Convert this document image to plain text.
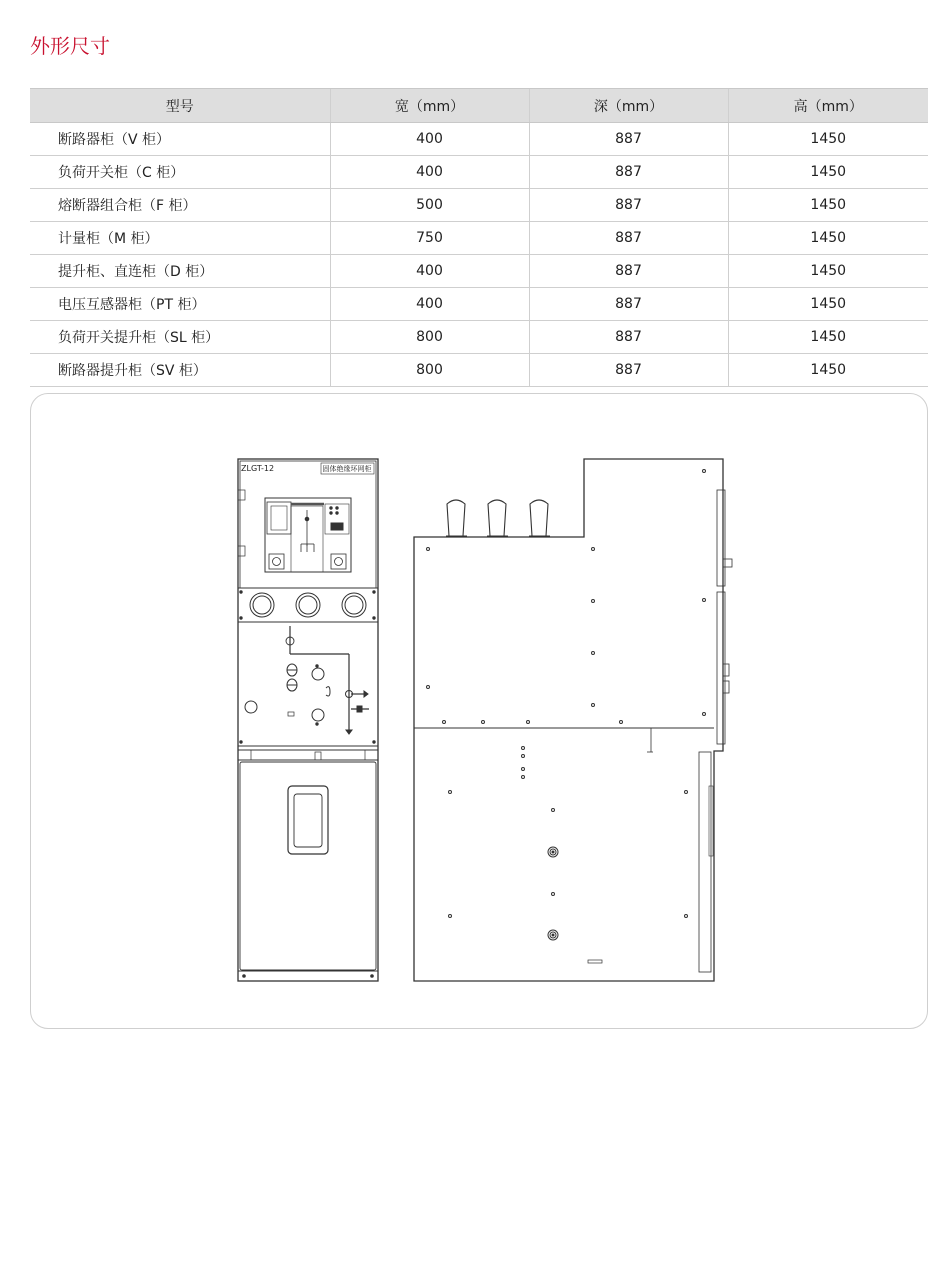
外形尺寸
型号	宽（mm）	深（mm）	高（mm）
断路器柜（V 柜）	400	887	1450
负荷开关柜（C 柜）	400	887	1450
熔断器组合柜（F 柜）	500	887	1450
计量柜（M 柜）	750	887	1450
提升柜、直连柜（D 柜）	400	887	1450
电压互感器柜（PT 柜）	400	887	1450
负荷开关提升柜（SL 柜）	800	887	1450
断路器提升柜（SV 柜）	800	887	1450
ZLGT-12	固体绝缘环网柜
